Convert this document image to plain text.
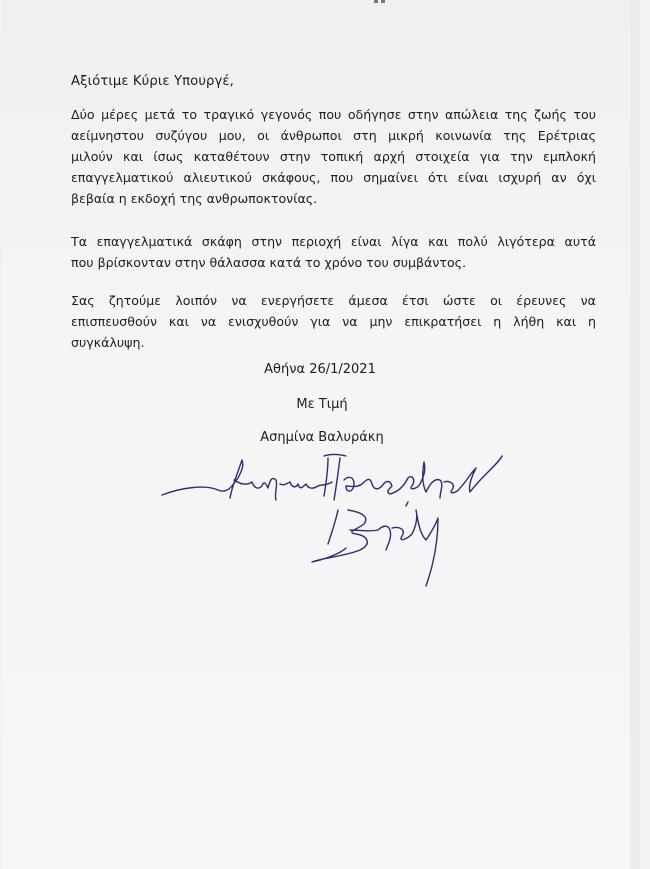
Αξιότιμε Κύριε Υπουργέ,
Δύο μέρες μετά το τραγικό γεγονός που οδήγησε στην απώλεια της ζωής του
αείμνηστου συζύγου μου, οι άνθρωποι στη μικρή κοινωνία της Ερέτριας
μιλούν και ίσως καταθέτουν στην τοπική αρχή στοιχεία για την εμπλοκή
επαγγελματικού αλιευτικού σκάφους, που σημαίνει ότι είναι ισχυρή αν όχι
βεβαία η εκδοχή της ανθρωποκτονίας.
Τα επαγγελματικά σκάφη στην περιοχή είναι λίγα και πολύ λιγότερα αυτά
που βρίσκονταν στην θάλασσα κατά το χρόνο του συμβάντος.
Σας ζητούμε λοιπόν να ενεργήσετε άμεσα έτσι ώστε οι έρευνες να
επισπευσθούν και να ενισχυθούν για να μην επικρατήσει η λήθη και η
συγκάλυψη.
Αθήνα 26/1/2021
Με Τιμή
Ασημίνα Βαλυράκη
